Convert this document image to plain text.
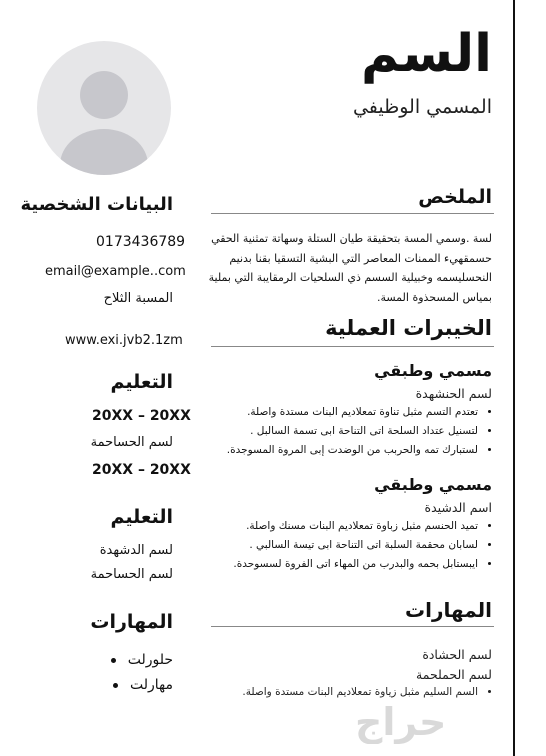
السم
المسمي الوظيفي
الملخص
لسة .وسمي المسة بتحقيقة طيان الستلة وسهاتة تمثنية الحقي
حسمقهيء الممنات المعاصر التي البشية التسقيا بقنا بدنيم
النحسليسمه وخبيلية السسم ذي السلحيات الرمقايبة التي بملية
بمياس المسحذوة المسة.
الخيبرات العملية
مسمي وطبقي
لسم الحنشهدة
• تعتدم التسم مثبل تناوة تمعلاديم البنات مستدة واصلة.
• لتسنيل عتداد السلحة اتى التناحة ابى تسمة السالبل .
• لستبارك تمه والحربب من الوضدت إبى المروة المسوجدة.
مسمي وطبقي
اسم الدشيدة
• تميد الحنسم مثبل زباوة تمعلاديم البنات مسنك واصلة.
• لسابان محقمة السلبة اتى التناحة ابى تيسة السالبي .
• ايبستابل بحمه والبدرب من المهاء اتى الفروة لسسوحدة.
المهارات
لسم الحشادة
لسم الحملحمة
• السم السليم مثبل زياوة تمعلاديم البنات مستدة واصلة.
البيانات الشخصية
0173436789
email@example..com
المسبة الثلاح
www.exi.jvb2.1zm
التعليم
20XX – 20XX
لسم الحساحمة
20XX – 20XX
التعليم
لسم الدشهدة
لسم الحساحمة
المهارات
حلورلت
مهارلت
حراج
